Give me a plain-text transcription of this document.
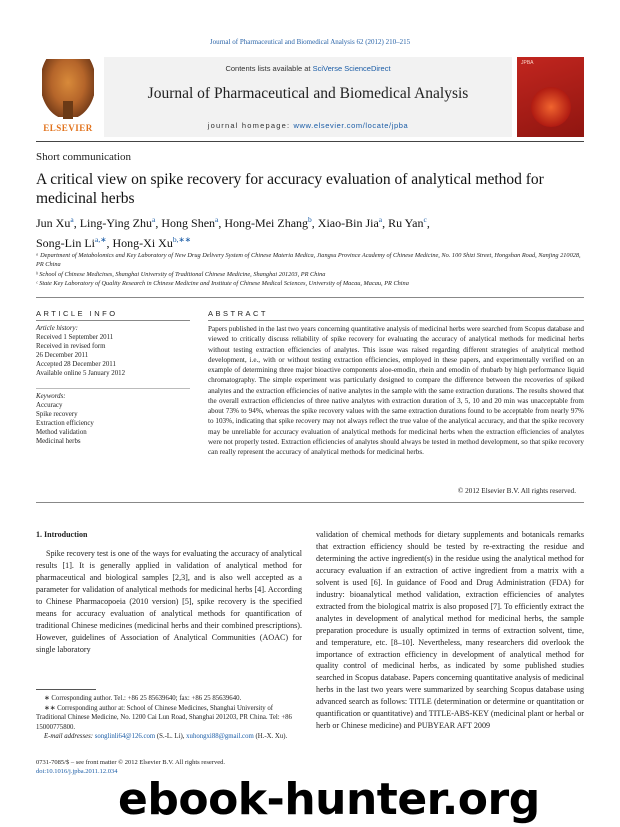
Journal of Pharmaceutical and Biomedical Analysis 62 (2012) 210–215
ELSEVIER
Contents lists available at SciVerse ScienceDirect
Journal of Pharmaceutical and Biomedical Analysis
journal homepage: www.elsevier.com/locate/jpba
JPBA
Short communication
A critical view on spike recovery for accuracy evaluation of analytical method for medicinal herbs
Jun Xu$^a$, Ling-Ying Zhu$^a$, Hong Shen$^a$, Hong-Mei Zhang$^b$, Xiao-Bin Jia$^a$, Ru Yan$^c$,
Song-Lin $Li^{a,∗}$, Hong-Xi $Xu^{b,∗∗}$
ᵃ Department of Metabolomics and Key Laboratory of New Drug Delivery System of Chinese Materia Medica, Jiangsu Province Academy of Chinese Medicine, No. 100 Shizi Street, Hongshan Road, Nanjing 210028, PR China
ᵇ School of Chinese Medicines, Shanghai University of Traditional Chinese Medicine, Shanghai 201203, PR China
ᶜ State Key Laboratory of Quality Research in Chinese Medicine and Institute of Chinese Medical Sciences, University of Macau, Macau, PR China
ARTICLE INFO
Article history:
Received 1 September 2011
Received in revised form
26 December 2011
Accepted 28 December 2011
Available online 5 January 2012
Keywords:
Accuracy
Spike recovery
Extraction efficiency
Method validation
Medicinal herbs
ABSTRACT
Papers published in the last two years concerning quantitative analysis of medicinal herbs were searched from Scopus database and viewed to critically discuss reliability of spike recovery for evaluating the accuracy of analytical methods for medicinal herbs without testing extraction efficiencies of analytes. This issue was raised regarding different strategies of analytical method development, i.e., with or without testing extraction efficiencies, employed in these papers, and experimentally verified on an example of determining three major bioactive components aloe-emodin, rhein and emodin of rhubarb by high performance liquid chromatography. The simple experiment was particularly designed to compare the difference between the recoveries of spiked analytes and the extraction efficiencies of native analytes in the sample with the same extraction durations. The results showed that the overall extraction efficiencies of three native analytes with extraction duration of 3, 5, 10 and 20 min was unacceptable from about 73% to 94%, whereas the spike recovery values with the same extraction durations found to be acceptable from nearly 97% to 103%, indicating that spike recovery may not always reflect the true value of the analytical accuracy, and that the spike recovery may be unreliable for accuracy evaluation of analytical methods for medicinal herbs when the extraction efficiencies of analytes were not properly tested. Extraction efficiencies of analytes should always be tested in method development, so that spike recovery can really represent the accuracy of analytical methods for medicinal herbs.
© 2012 Elsevier B.V. All rights reserved.
1. Introduction
Spike recovery test is one of the ways for evaluating the accuracy of analytical results [1]. It is generally applied in validation of analytical method for pharmaceutical and biological samples [2,3], and is also well accepted as a parameter for validation of analytical methods for medicinal herbs [4]. According to Chinese Pharmacopoeia (2010 version) [5], spike recovery is the specified means for accuracy evaluation of analytical methods for quantification of traditional Chinese medicines (medicinal herbs and their combined prescriptions). However, guidelines of Association of Analytical Communities (AOAC) for single laboratory
validation of chemical methods for dietary supplements and botanicals remarks that extraction efficiency should be tested by re-extracting the residue and determining the active ingredient(s) in the residue using the analytical method for accuracy evaluation if an extraction of active ingredient from a matrix with a solvent is used [6]. In guidance of Food and Drug Administration (FDA) for industry: bioanalytical method validation, extraction efficiencies of analytes extracted from the biological matrix is also proposed [7]. To efficiently extract the analytes in development of analytical method for medicinal herbs, the sample preparation procedure is usually optimized in terms of extraction solvent, time, and temperature, etc. [8–10]. Nevertheless, many researchers did overlook the importance of extraction efficiency in development of analytical method for quality control of medicinal herbs, as indicated by some published studies searched in Scopus database. Papers concerning quantitative analysis of medicinal herbs in the last two years were summarized by searching Scopus database using advanced search as follows: TITLE (determination or determine or quantitation or quantification or quantitative) and TITLE-ABS-KEY (medicinal plant or herbal or herb or Chinese medicine) and PUBYEAR AFT 2009
∗ Corresponding author. Tel.: +86 25 85639640; fax: +86 25 85639640.
∗∗ Corresponding author at: School of Chinese Medicines, Shanghai University of Traditional Chinese Medicine, No. 1200 Cai Lun Road, Shanghai 201203, PR China. Tel: +86 15000775800.
E-mail addresses: songlinli64@126.com (S.-L. Li), xuhongxi88@gmail.com (H.-X. Xu).
0731-7085/$ – see front matter © 2012 Elsevier B.V. All rights reserved.
doi:10.1016/j.jpba.2011.12.034
ebook-hunter.org
